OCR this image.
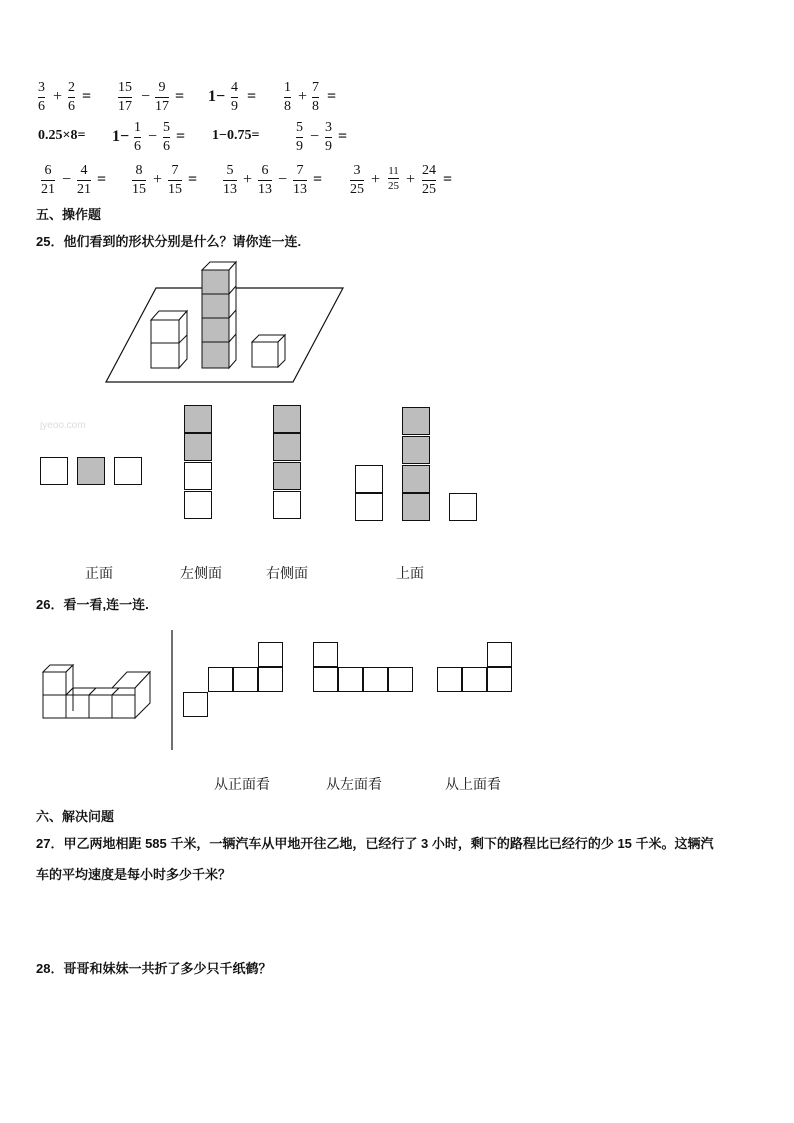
3
6
+
2
6
=
15
17
−
9
17
= 1−
4
9
=
1
8
+
7
8
=
0.25×8= 1−
1
6
−
5
6
= 1−0.75=
5
9
−
3
9
=
6
21
−
4
21
=
8
15
+
7
15
=
5
13
+
6
13
−
7
13
=
3
25
+ 11
25 +
24
25
=
五、操作题
25．他们看到的形状分别是什么？请你连一连.
jyeoo.com
正面	左侧面	右侧面	上面
26．看一看,连一连.
从正面看	从左面看	从上面看
六、解决问题
27．甲乙两地相距 585 千米，一辆汽车从甲地开往乙地，已经行了 3 小时，剩下的路程比已经行的少 15 千米。这辆汽
车的平均速度是每小时多少千米？
28．哥哥和妹妹一共折了多少只千纸鹤？
